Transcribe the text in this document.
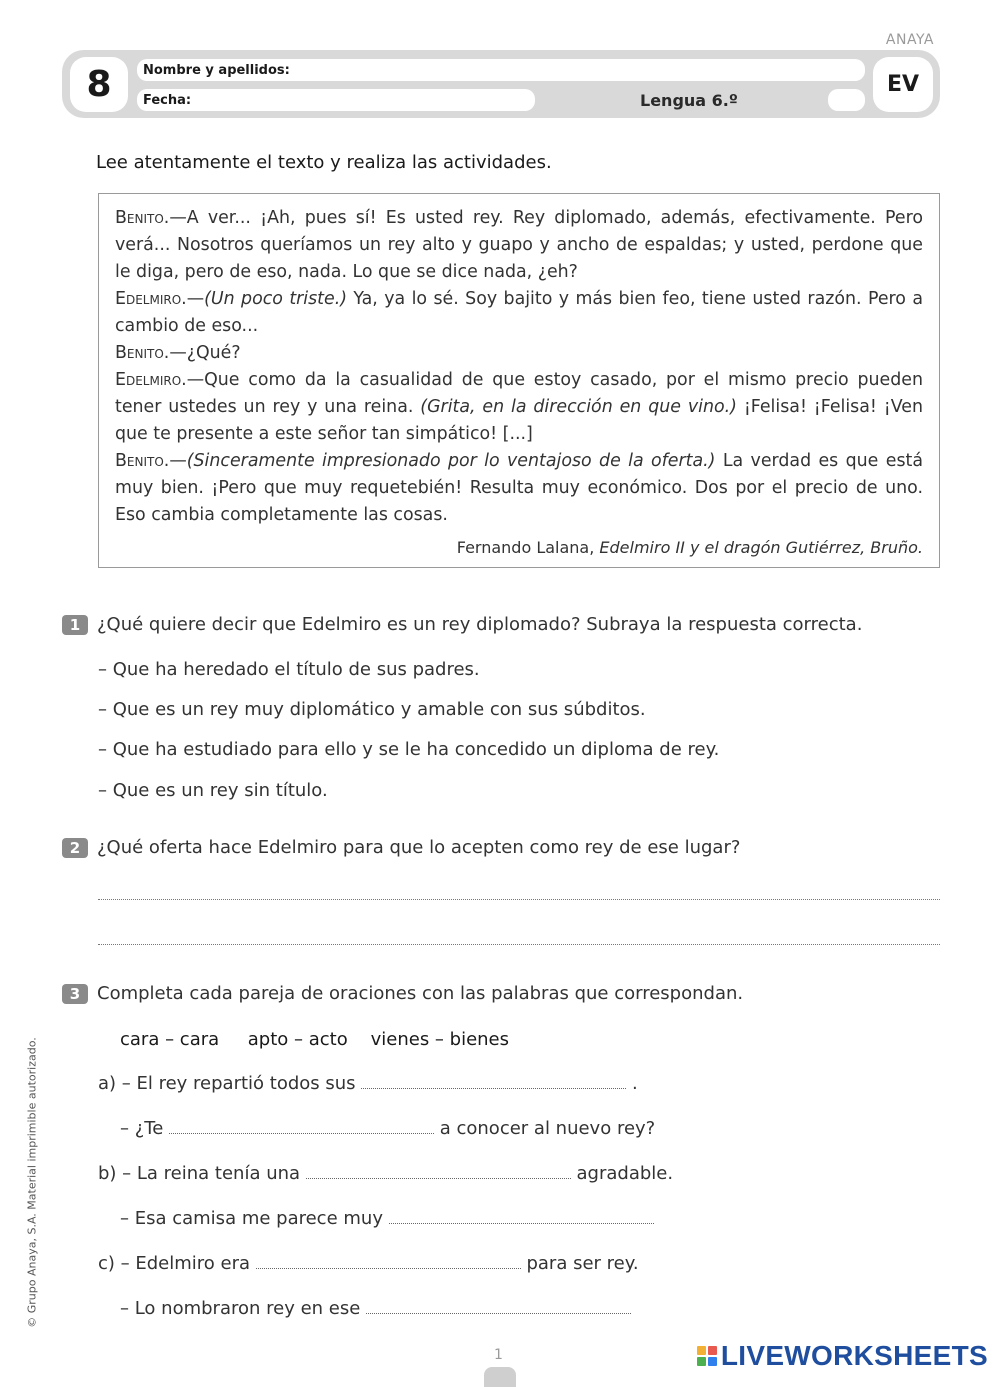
ANAYA
8	Nombre y apellidos:
Fecha:	Lengua 6.º
EV
Lee atentamente el texto y realiza las actividades.

Benito.—A ver... ¡Ah, pues sí! Es usted rey. Rey diplomado, además, efectivamente. Pero verá... Nosotros queríamos un rey alto y guapo y ancho de espaldas; y usted, perdone que le diga, pero de eso, nada. Lo que se dice nada, ¿eh?

Edelmiro.—(Un poco triste.) Ya, ya lo sé. Soy bajito y más bien feo, tiene usted razón. Pero a cambio de eso...

Benito.—¿Qué?

Edelmiro.—Que como da la casualidad de que estoy casado, por el mismo precio pueden tener ustedes un rey y una reina. (Grita, en la dirección en que vino.) ¡Felisa! ¡Felisa! ¡Ven que te presente a este señor tan simpático! [...]

Benito.—(Sinceramente impresionado por lo ventajoso de la oferta.) La verdad es que está muy bien. ¡Pero que muy requetebién! Resulta muy económico. Dos por el precio de uno. Eso cambia completamente las cosas.

Fernando Lalana, Edelmiro II y el dragón Gutiérrez, Bruño.

1 ¿Qué quiere decir que Edelmiro es un rey diplomado? Subraya la respuesta correcta.
– Que ha heredado el título de sus padres.
– Que es un rey muy diplomático y amable con sus súbditos.
– Que ha estudiado para ello y se le ha concedido un diploma de rey.
– Que es un rey sin título.
2 ¿Qué oferta hace Edelmiro para que lo acepten como rey de ese lugar?
3 Completa cada pareja de oraciones con las palabras que correspondan.
cara – cara     apto – acto    vienes – bienes
a) – El rey repartió todos sus	.
– ¿Te	a conocer al nuevo rey?
b) – La reina tenía una	agradable.
– Esa camisa me parece muy
c) – Edelmiro era	para ser rey.
– Lo nombraron rey en ese
© Grupo Anaya, S.A. Material imprimible autorizado.
1	LIVEWORKSHEETS
